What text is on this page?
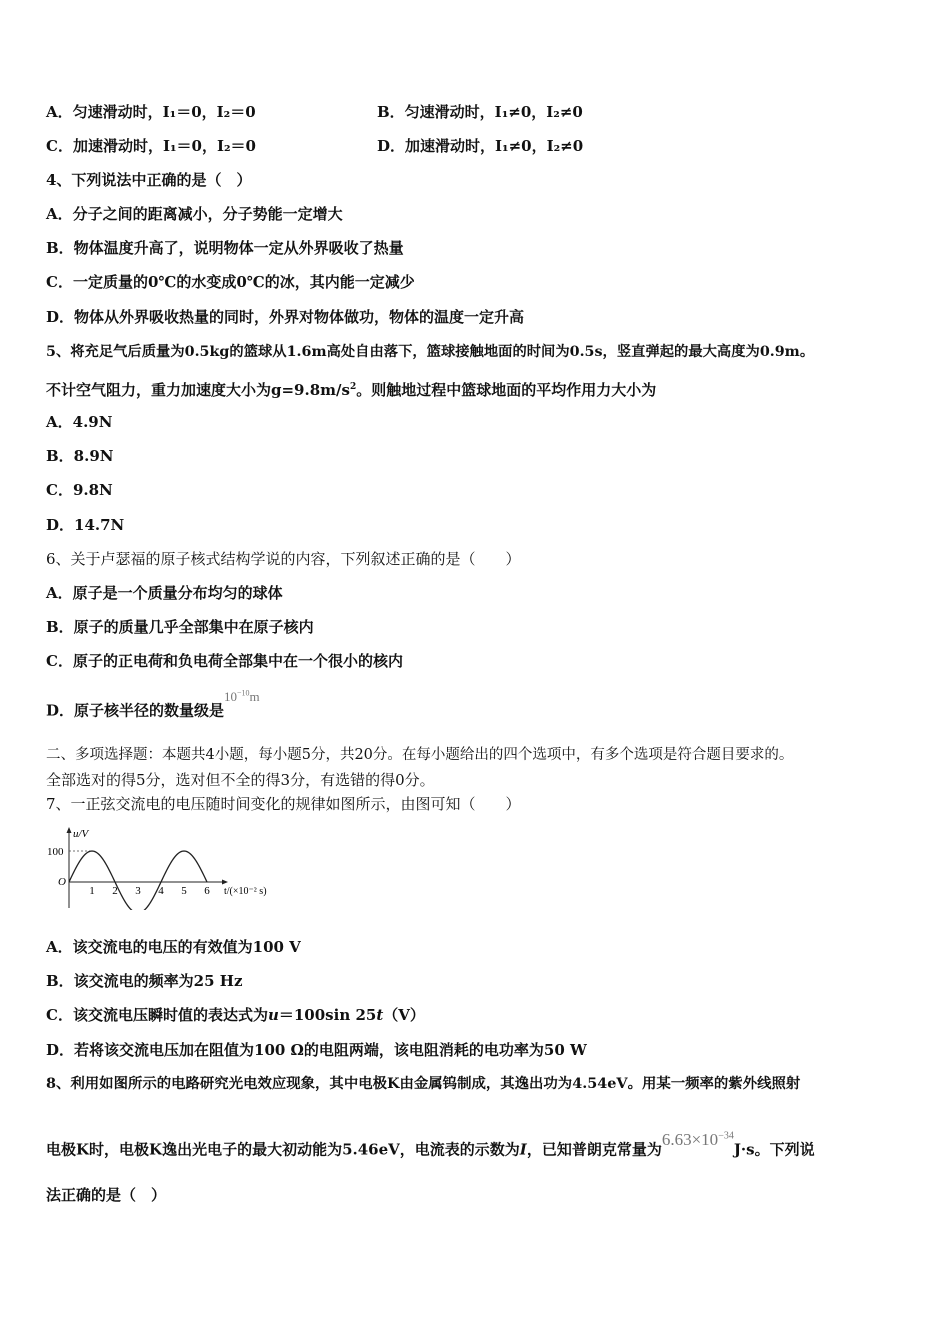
A．匀速滑动时，I₁＝0，I₂＝0	B．匀速滑动时，I₁≠0，I₂≠0
C．加速滑动时，I₁＝0，I₂＝0	D．加速滑动时，I₁≠0，I₂≠0
4、下列说法中正确的是（　）
A．分子之间的距离减小，分子势能一定增大
B．物体温度升高了，说明物体一定从外界吸收了热量
C．一定质量的0℃的水变成0℃的冰，其内能一定减少
D．物体从外界吸收热量的同时，外界对物体做功，物体的温度一定升高
5、将充足气后质量为0.5kg的篮球从1.6m高处自由落下，篮球接触地面的时间为0.5s，竖直弹起的最大高度为0.9m。
不计空气阻力，重力加速度大小为$g=9.8m/s^2$。则触地过程中篮球地面的平均作用力大小为
A．4.9N
B．8.9N
C．9.8N
D．14.7N
6、关于卢瑟福的原子核式结构学说的内容，下列叙述正确的是（　　）
A．原子是一个质量分布均匀的球体
B．原子的质量几乎全部集中在原子核内
C．原子的正电荷和负电荷全部集中在一个很小的核内
D．原子核半径的数量级是$10^{-10}m$
二、多项选择题：本题共4小题，每小题5分，共20分。在每小题给出的四个选项中，有多个选项是符合题目要求的。
全部选对的得5分，选对但不全的得3分，有选错的得0分。
7、一正弦交流电的电压随时间变化的规律如图所示，由图可知（　　）
u/V
100
O
t/(×10⁻² s)
1 2 3 4 5 6
A．该交流电的电压的有效值为100 V
B．该交流电的频率为25 Hz
C．该交流电压瞬时值的表达式为u＝100sin 25t（V）
D．若将该交流电压加在阻值为100 Ω的电阻两端，该电阻消耗的电功率为50 W
8、利用如图所示的电路研究光电效应现象，其中电极K由金属钨制成，其逸出功为4.54eV。用某一频率的紫外线照射
电极K时，电极K逸出光电子的最大初动能为5.46eV，电流表的示数为I，已知普朗克常量为$6.63\times 10^{-34}J\cdot s$。下列说
法正确的是（　）
